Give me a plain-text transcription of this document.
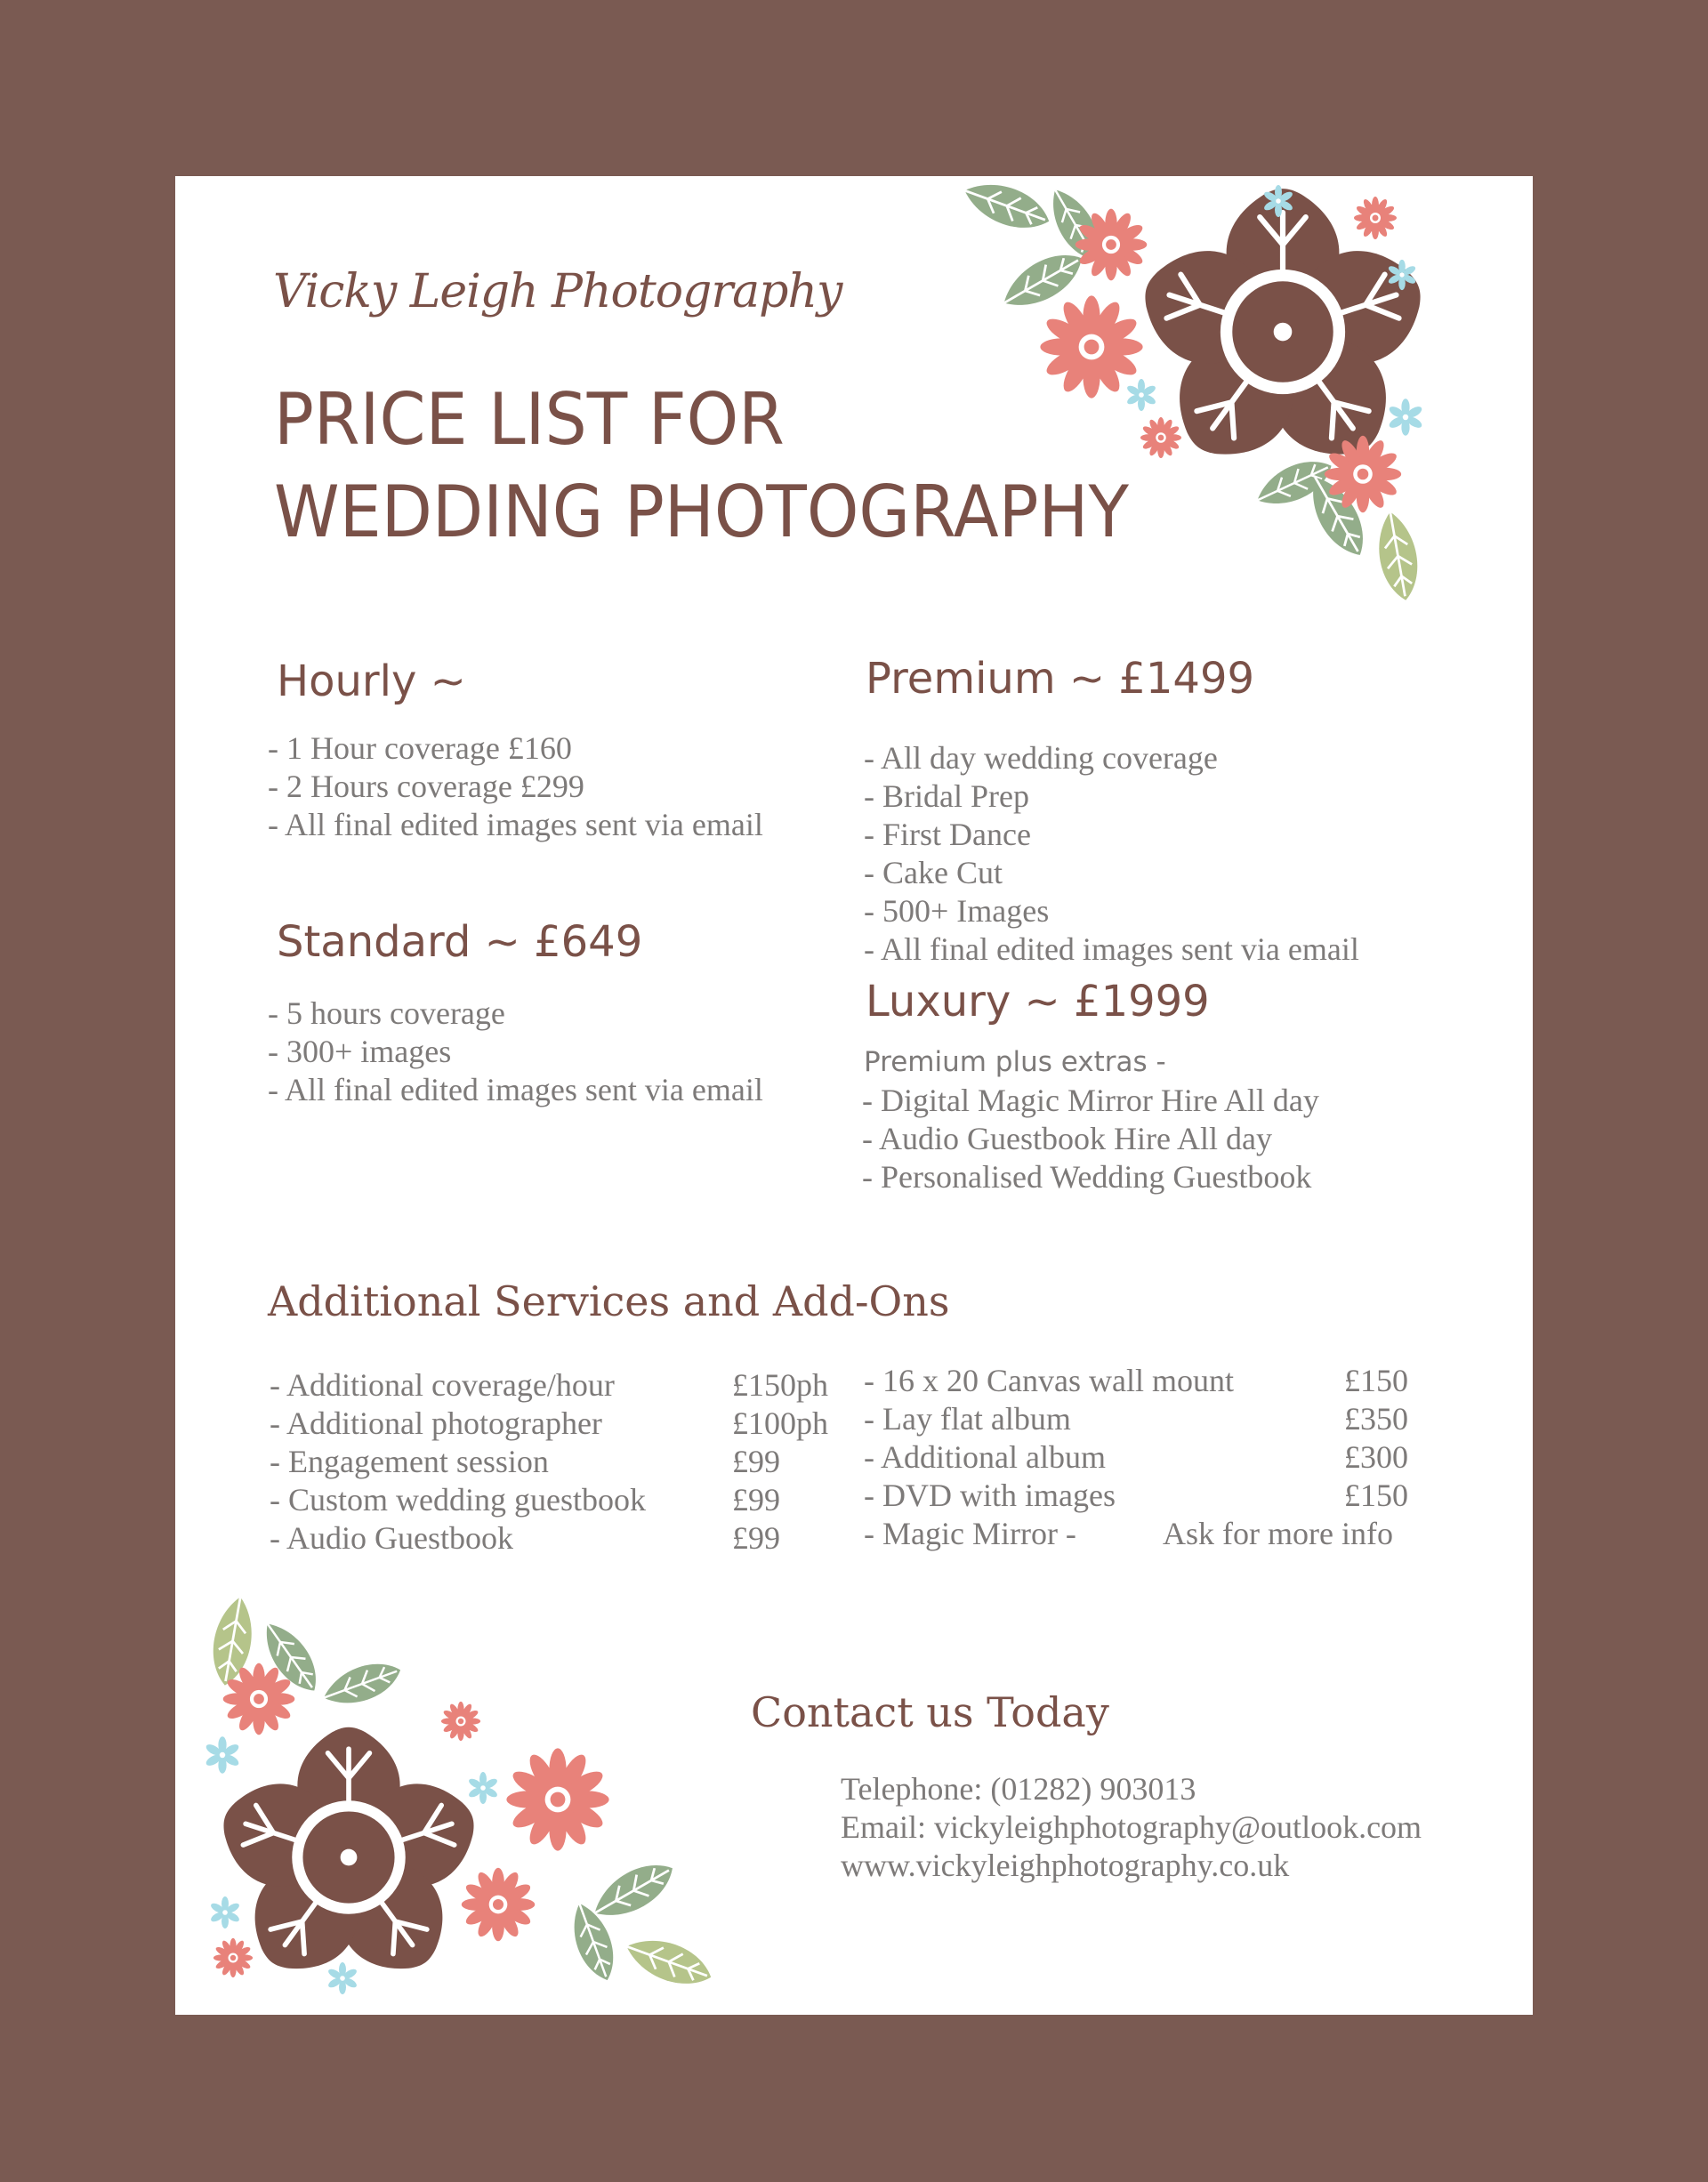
Vicky Leigh Photography
PRICE LIST FOR
WEDDING PHOTOGRAPHY
Hourly ~
- 1 Hour coverage £160
- 2 Hours coverage £299
- All final edited images sent via email
Standard ~ £649
- 5 hours coverage
- 300+ images
- All final edited images sent via email
Premium ~ £1499
- All day wedding coverage
- Bridal Prep
- First Dance
- Cake Cut
- 500+ Images
- All final edited images sent via email
Luxury ~ £1999
Premium plus extras -
- Digital Magic Mirror Hire All day
- Audio Guestbook Hire All day
- Personalised Wedding Guestbook
Additional Services and Add-Ons
- Additional coverage/hour	£150ph
- Additional photographer	£100ph
- Engagement session	£99
- Custom wedding guestbook	£99
- Audio Guestbook	£99
- 16 x 20 Canvas wall mount	£150
- Lay flat album	£350
- Additional album	£300
- DVD with images	£150
- Magic Mirror -	Ask for more info
Contact us Today
Telephone: (01282) 903013
Email: vickyleighphotography@outlook.com
www.vickyleighphotography.co.uk
